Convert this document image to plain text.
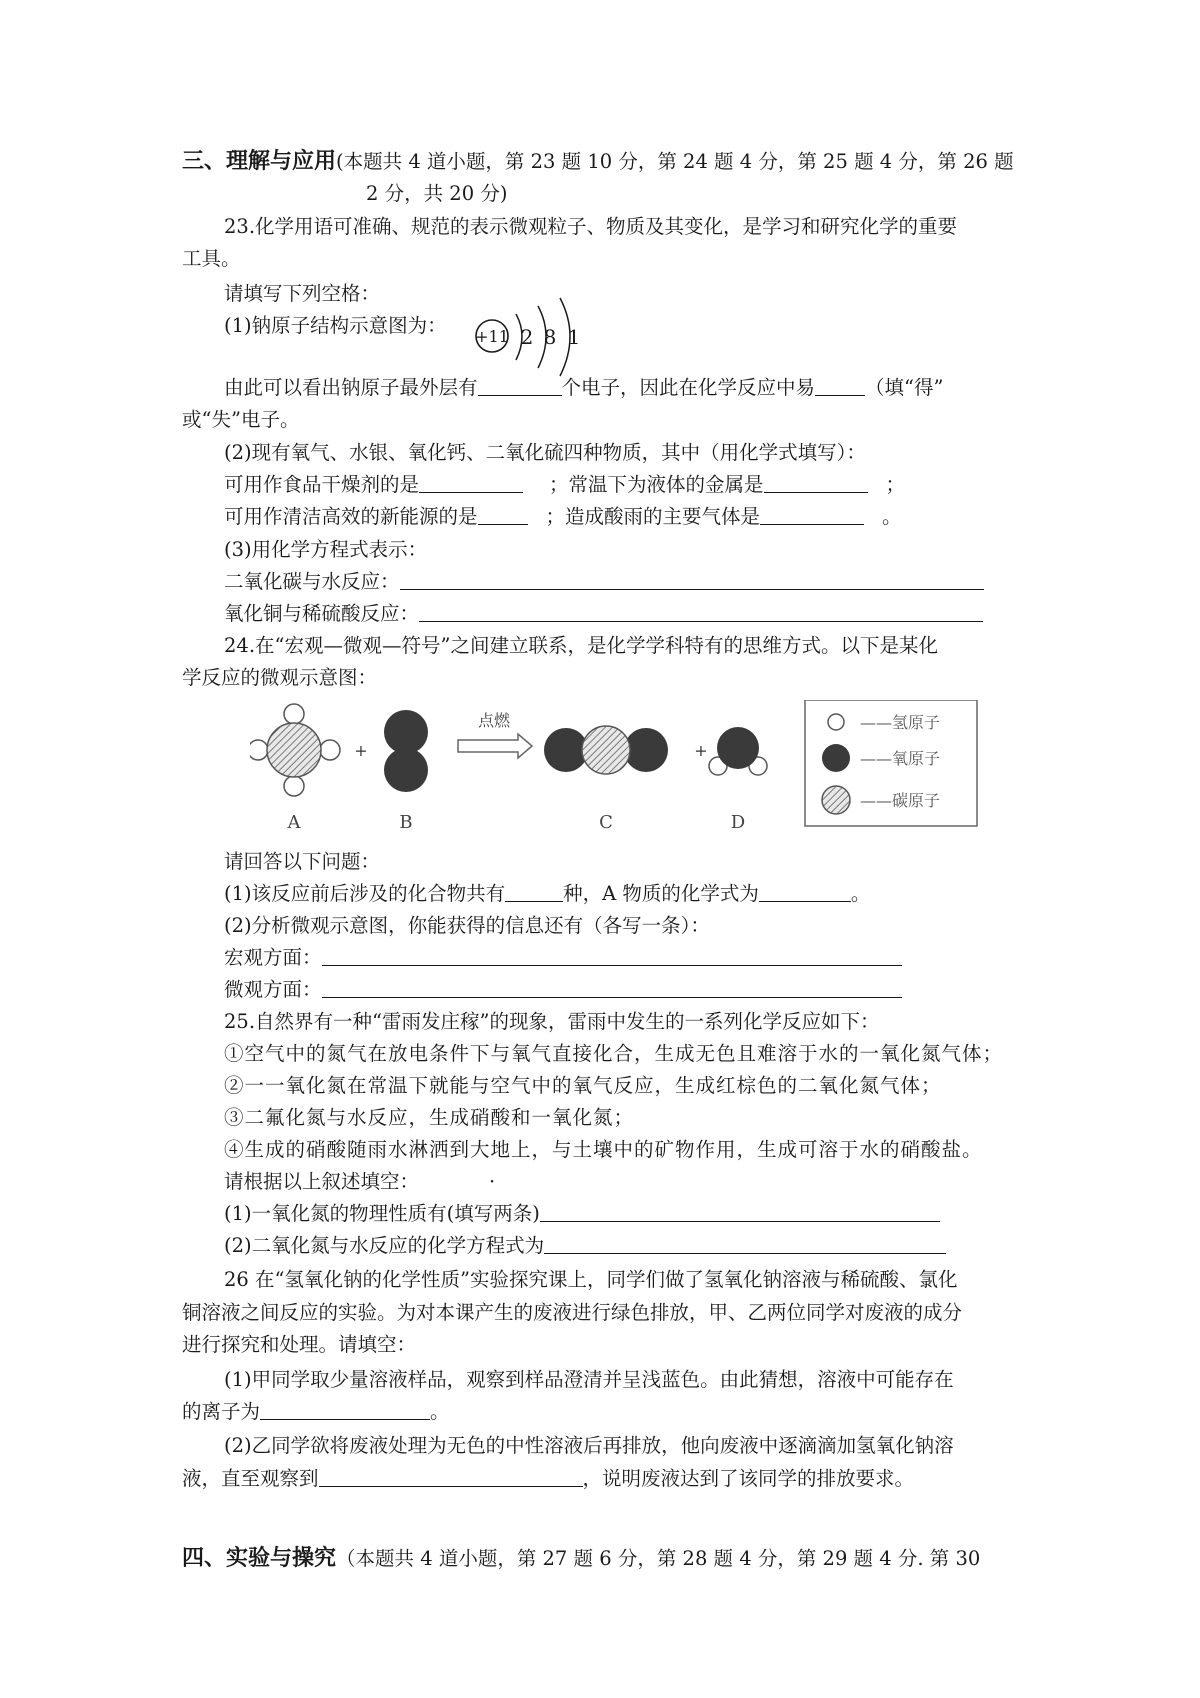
三、理解与应用(本题共 4 道小题，第 23 题 10 分，第 24 题 4 分，第 25 题 4 分，第 26 题
2 分，共 20 分)
23.化学用语可准确、规范的表示微观粒子、物质及其变化，是学习和研究化学的重要
工具。
请填写下列空格：
(1)钠原子结构示意图为： +11 2 8 1
由此可以看出钠原子最外层有	个电子，因此在化学反应中易	（填“得”
或“失”电子。
(2)现有氧气、水银、氧化钙、二氧化硫四种物质，其中（用化学式填写）：
可用作食品干燥剂的是	；常温下为液体的金属是	；
可用作清洁高效的新能源的是	；造成酸雨的主要气体是	。
(3)用化学方程式表示：
二氧化碳与水反应：
氧化铜与稀硫酸反应：
24.在“宏观—微观—符号”之间建立联系，是化学学科特有的思维方式。以下是某化
学反应的微观示意图：
+
点燃
+
A	B	C	D
——氢原子
——氧原子
——碳原子
请回答以下问题：
(1)该反应前后涉及的化合物共有	种，A 物质的化学式为	。
(2)分析微观示意图，你能获得的信息还有（各写一条）：
宏观方面：
微观方面：
25.自然界有一种“雷雨发庄稼”的现象，雷雨中发生的一系列化学反应如下：
①空气中的氮气在放电条件下与氧气直接化合，生成无色且难溶于水的一氧化氮气体；
②一一氧化氮在常温下就能与空气中的氧气反应，生成红棕色的二氧化氮气体；
③二氟化氮与水反应，生成硝酸和一氧化氮；
④生成的硝酸随雨水淋洒到大地上，与土壤中的矿物作用，生成可溶于水的硝酸盐。
请根据以上叙述填空：	·
(1)一氧化氮的物理性质有(填写两条)
(2)二氧化氮与水反应的化学方程式为
26 在“氢氧化钠的化学性质”实验探究课上，同学们做了氢氧化钠溶液与稀硫酸、氯化
铜溶液之间反应的实验。为对本课产生的废液进行绿色排放，甲、乙两位同学对废液的成分
进行探究和处理。请填空：
(1)甲同学取少量溶液样品，观察到样品澄清并呈浅蓝色。由此猜想，溶液中可能存在
的离子为	。
(2)乙同学欲将废液处理为无色的中性溶液后再排放，他向废液中逐滴滴加氢氧化钠溶
液，直至观察到	，说明废液达到了该同学的排放要求。
四、实验与操究（本题共 4 道小题，第 27 题 6 分，第 28 题 4 分，第 29 题 4 分. 第 30
